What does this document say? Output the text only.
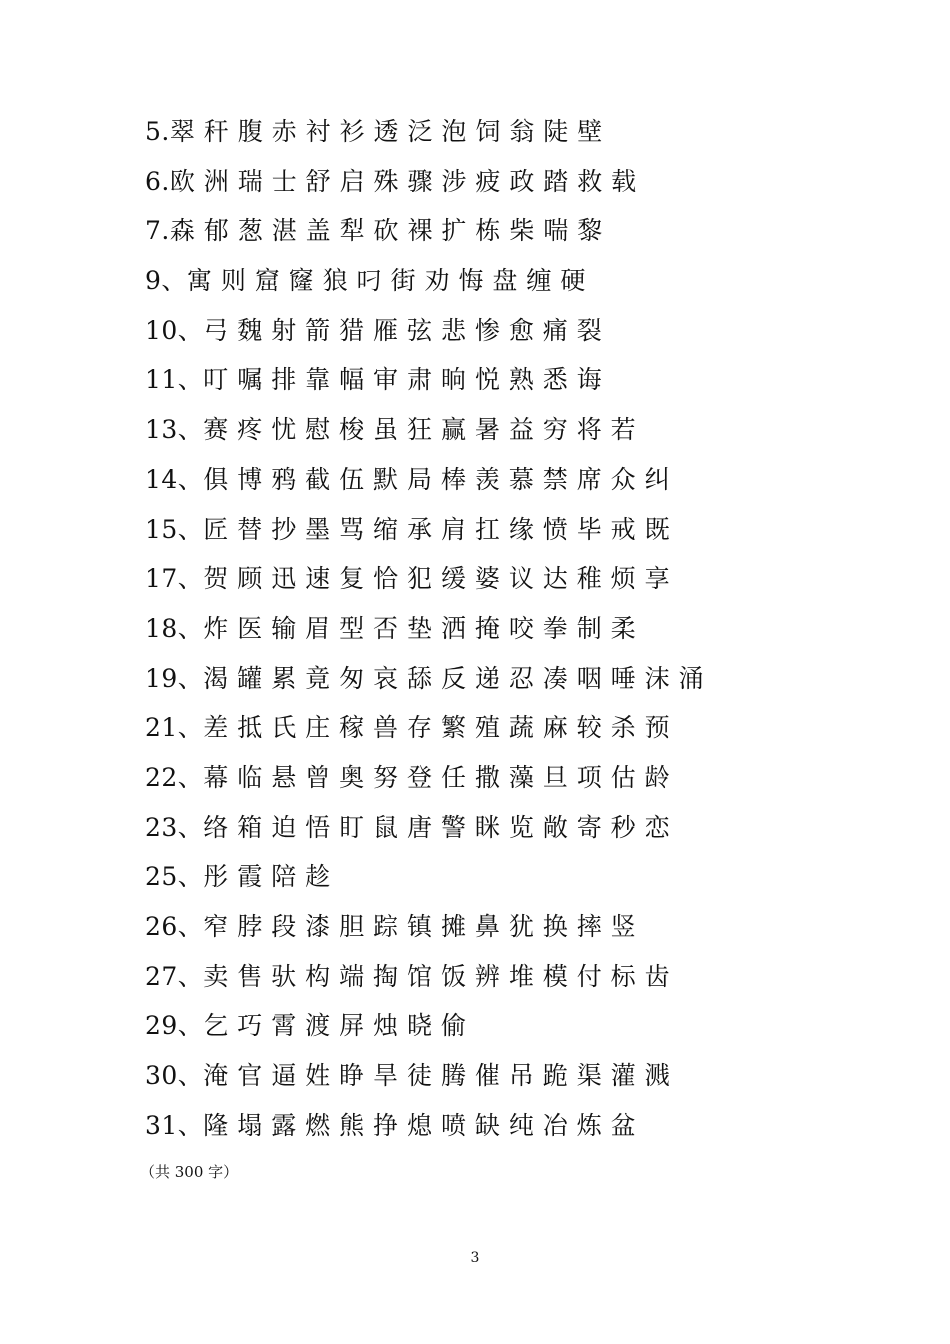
5.翠 秆 腹 赤 衬 衫 透 泛 泡 饲 翁 陡 壁
6.欧 洲 瑞 士 舒 启 殊 骤 涉 疲 政 踏 救 载
7.森 郁 葱 湛 盖 犁 砍 裸 扩 栋 柴 喘 黎
9、寓 则 窟 窿 狼 叼 街 劝 悔 盘 缠 硬
10、弓 魏 射 箭 猎 雁 弦 悲 惨 愈 痛 裂
11、叮 嘱 排 靠 幅 审 肃 晌 悦 熟 悉 诲
13、赛 疼 忧 慰 梭 虽 狂 赢 暑 益 穷 将 若
14、俱 博 鸦 截 伍 默 局 棒 羡 慕 禁 席 众 纠
15、匠 替 抄 墨 骂 缩 承 肩 扛 缘 愤 毕 戒 既
17、贺 顾 迅 速 复 恰 犯 缓 婆 议 达 稚 烦 享
18、炸 医 输 眉 型 否 垫 洒 掩 咬 拳 制 柔
19、渴 罐 累 竟 匆 哀 舔 反 递 忍 凑 咽 唾 沫 涌
21、差 抵 氏 庄 稼 兽 存 繁 殖 蔬 麻 较 杀 预
22、幕 临 悬 曾 奥 努 登 任 撒 藻 旦 项 估 龄
23、络 箱 迫 悟 盯 鼠 唐 警 眯 览 敞 寄 秒 恋
25、彤 霞 陪 趁
26、窄 脖 段 漆 胆 踪 镇 摊 鼻 犹 换 摔 竖
27、卖 售 驮 构 端 掏 馆 饭 辨 堆 模 付 标 齿
29、乞 巧 霄 渡 屏 烛 晓 偷
30、淹 官 逼 姓 睁 旱 徒 腾 催 吊 跪 渠 灌 溅
31、隆 塌 露 燃 熊 挣 熄 喷 缺 纯 冶 炼 盆
（共 300 字）
3
